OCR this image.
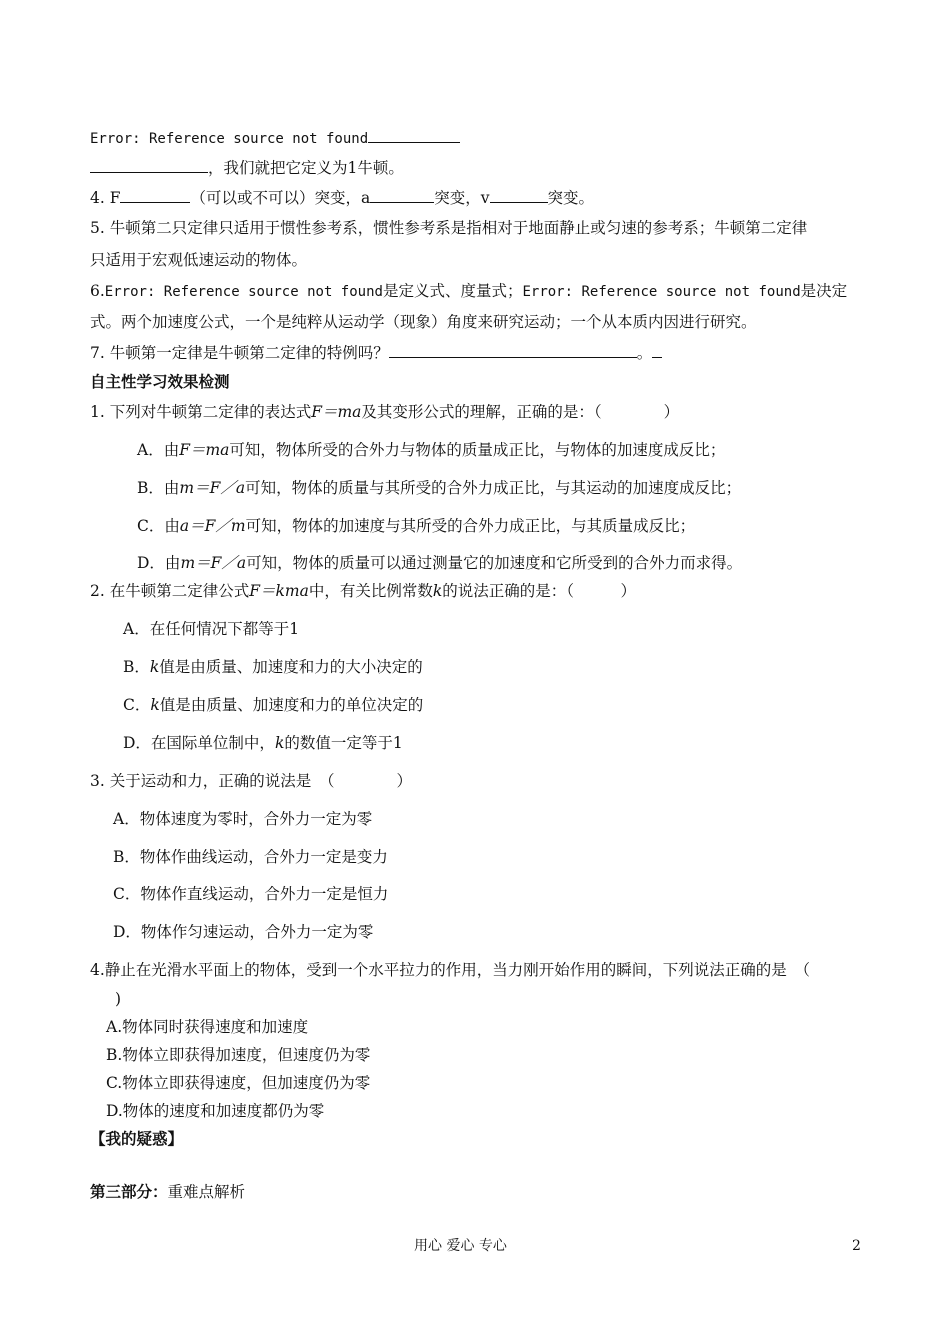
Error: Reference source not found
，我们就把它定义为1牛顿。
4. F	（可以或不可以）突变，a	突变，v	突变。
5. 牛顿第二只定律只适用于惯性参考系，惯性参考系是指相对于地面静止或匀速的参考系；牛顿第二定律
只适用于宏观低速运动的物体。
6.Error: Reference source not found是定义式、度量式；Error: Reference source not found是决定
式。两个加速度公式，一个是纯粹从运动学（现象）角度来研究运动；一个从本质内因进行研究。
7. 牛顿第一定律是牛顿第二定律的特例吗？	。
自主性学习效果检测
1. 下列对牛顿第二定律的表达式F＝ma及其变形公式的理解，正确的是：（　　　　）
A．由F＝ma可知，物体所受的合外力与物体的质量成正比，与物体的加速度成反比；
B．由m＝F／a可知，物体的质量与其所受的合外力成正比，与其运动的加速度成反比；
C．由a＝F／m可知，物体的加速度与其所受的合外力成正比，与其质量成反比；
D．由m＝F／a可知，物体的质量可以通过测量它的加速度和它所受到的合外力而求得。
2. 在牛顿第二定律公式F＝kma中，有关比例常数k的说法正确的是：（　　　）
A．在任何情况下都等于1
B．k值是由质量、加速度和力的大小决定的
C．k值是由质量、加速度和力的单位决定的
D．在国际单位制中，k的数值一定等于1
3. 关于运动和力，正确的说法是　（　　　　）
A．物体速度为零时，合外力一定为零
B．物体作曲线运动，合外力一定是变力
C．物体作直线运动，合外力一定是恒力
D．物体作匀速运动，合外力一定为零
4.静止在光滑水平面上的物体，受到一个水平拉力的作用，当力刚开始作用的瞬间，下列说法正确的是　（
)
A.物体同时获得速度和加速度
B.物体立即获得加速度，但速度仍为零
C.物体立即获得速度，但加速度仍为零
D.物体的速度和加速度都仍为零
【我的疑惑】
第三部分：重难点解析
用心 爱心 专心	2
